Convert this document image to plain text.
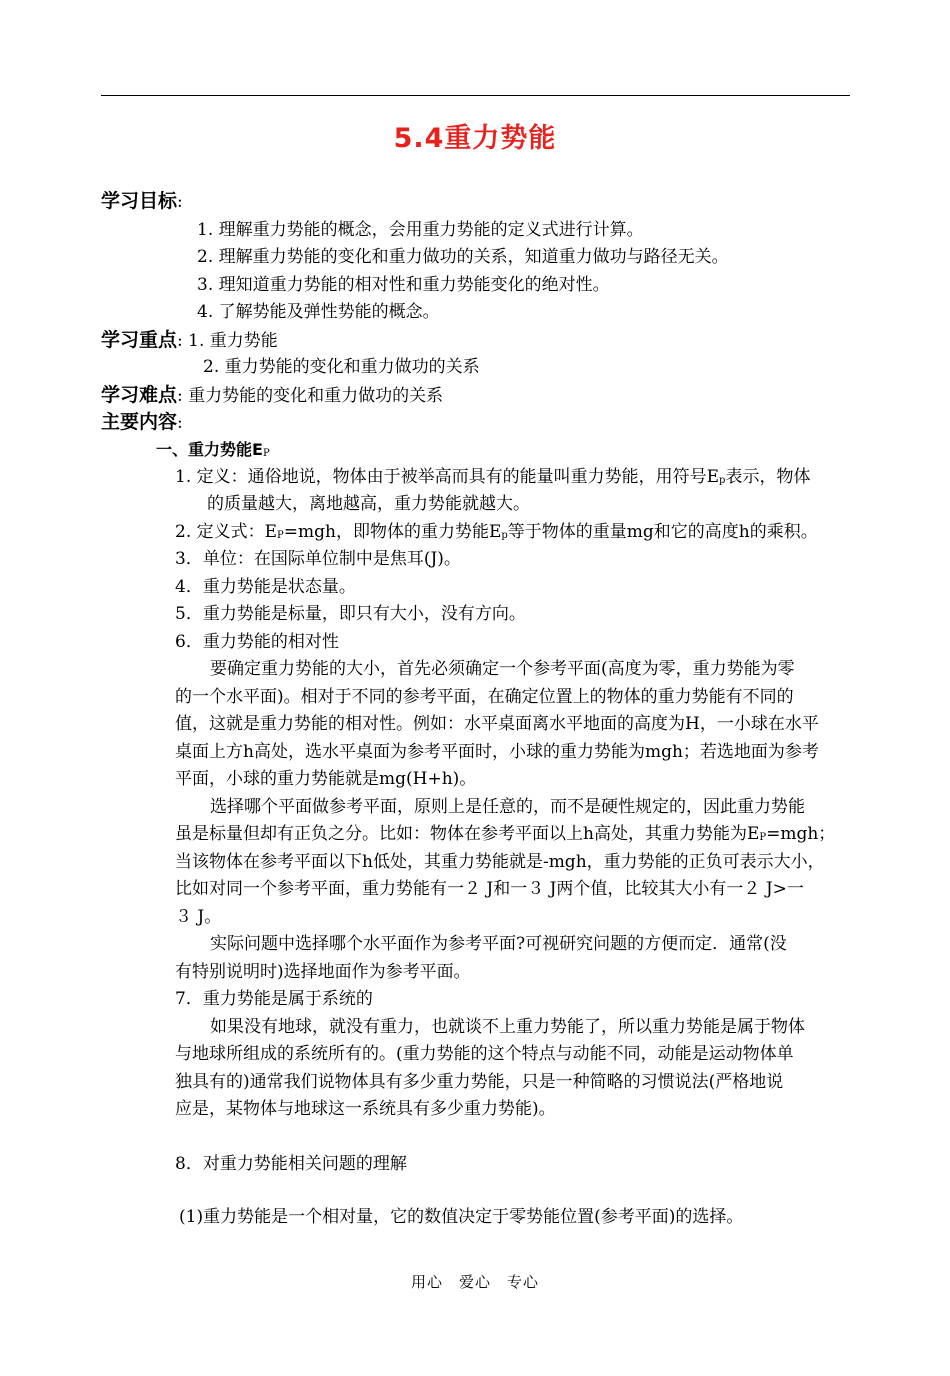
5.4重力势能
学习目标:
1. 理解重力势能的概念，会用重力势能的定义式进行计算。
2. 理解重力势能的变化和重力做功的关系，知道重力做功与路径无关。
3. 理知道重力势能的相对性和重力势能变化的绝对性。
4. 了解势能及弹性势能的概念。
学习重点: 1. 重力势能
2. 重力势能的变化和重力做功的关系
学习难点: 重力势能的变化和重力做功的关系
主要内容:
一、重力势能EP
1. 定义：通俗地说，物体由于被举高而具有的能量叫重力势能，用符号Ep表示，物体
的质量越大，离地越高，重力势能就越大。
2. 定义式：EP=mgh，即物体的重力势能Ep等于物体的重量mg和它的高度h的乘积。
3．单位：在国际单位制中是焦耳(J)。
4．重力势能是状态量。
5．重力势能是标量，即只有大小，没有方向。
6．重力势能的相对性
要确定重力势能的大小，首先必须确定一个参考平面(高度为零，重力势能为零
的一个水平面)。相对于不同的参考平面，在确定位置上的物体的重力势能有不同的
值，这就是重力势能的相对性。例如：水平桌面离水平地面的高度为H，一小球在水平
桌面上方h高处，选水平桌面为参考平面时，小球的重力势能为mgh；若选地面为参考
平面，小球的重力势能就是mg(H+h)。
选择哪个平面做参考平面，原则上是任意的，而不是硬性规定的，因此重力势能
虽是标量但却有正负之分。比如：物体在参考平面以上h高处，其重力势能为EP=mgh；
当该物体在参考平面以下h低处，其重力势能就是-mgh，重力势能的正负可表示大小，
比如对同一个参考平面，重力势能有一２ J和一３ J两个值，比较其大小有一２ J>一
３ J。
实际问题中选择哪个水平面作为参考平面?可视研究问题的方便而定．通常(没
有特别说明时)选择地面作为参考平面。
7．重力势能是属于系统的
如果没有地球，就没有重力，也就谈不上重力势能了，所以重力势能是属于物体
与地球所组成的系统所有的。(重力势能的这个特点与动能不同，动能是运动物体单
独具有的)通常我们说物体具有多少重力势能，只是一种简略的习惯说法(严格地说
应是，某物体与地球这一系统具有多少重力势能)。
8．对重力势能相关问题的理解
(1)重力势能是一个相对量，它的数值决定于零势能位置(参考平面)的选择。
用心　爱心　专心
